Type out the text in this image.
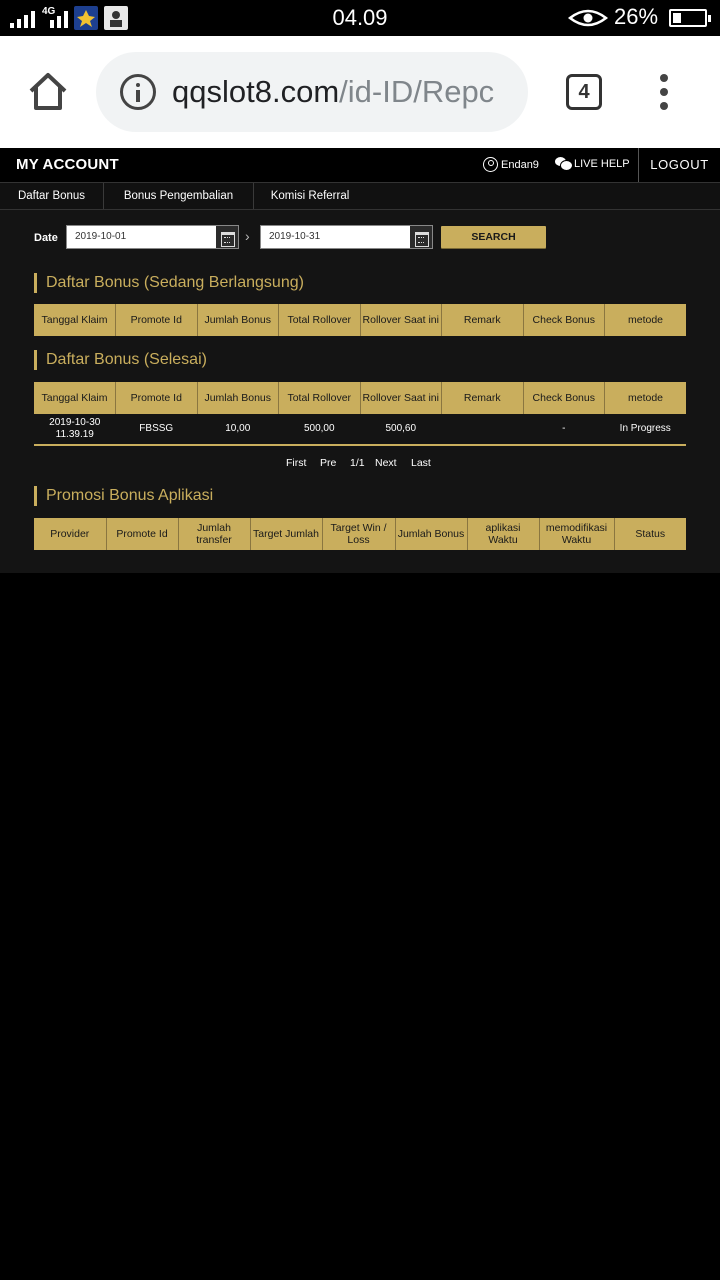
4G	04.09	26%
qqslot8.com/id-ID/Repc	4
MY ACCOUNT	Endan9	LIVE HELP	LOGOUT
Daftar Bonus	Bonus Pengembalian	Komisi Referral
Date 2019-10-01	› 2019-10-31	SEARCH
Daftar Bonus (Sedang Berlangsung)
Tanggal Klaim	Promote Id	Jumlah Bonus	Total Rollover	Rollover Saat ini	Remark	Check Bonus	metode
Daftar Bonus (Selesai)
Tanggal Klaim	Promote Id	Jumlah Bonus	Total Rollover	Rollover Saat ini	Remark	Check Bonus	metode
2019-10-30
11.39.19	FBSSG	10,00	500,00	500,60		-	In Progress
First Pre 1/1 Next Last
Promosi Bonus Aplikasi
Provider	Promote Id	Jumlah transfer	Target Jumlah	Target Win / Loss	Jumlah Bonus	aplikasi Waktu	memodifikasi Waktu	Status
